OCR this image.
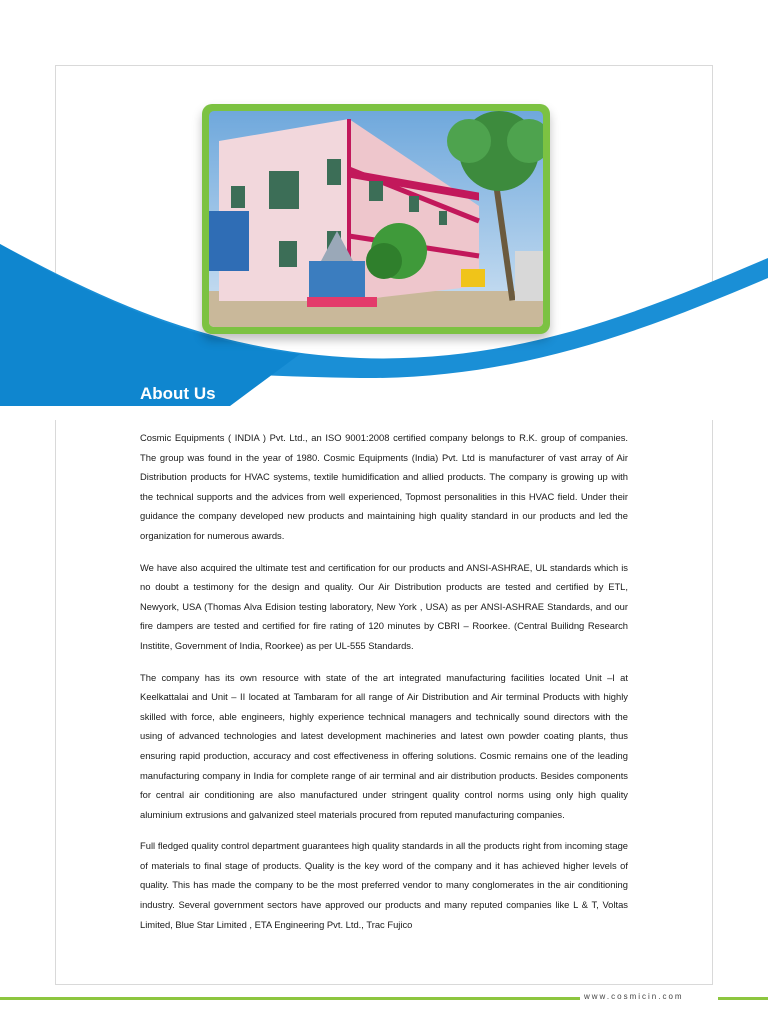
About Us

Cosmic Equipments ( INDIA ) Pvt. Ltd., an ISO 9001:2008 certified company belongs to R.K. group of companies. The group was found in the year of 1980. Cosmic Equipments (India) Pvt. Ltd is manufacturer of vast array of Air Distribution products for HVAC systems, textile humidification and allied products. The company is growing up with the technical supports and the advices from well experienced, Topmost personalities in this HVAC field. Under their guidance the company developed new products and maintaining high quality standard in our products and led the organization for numerous awards.

We have also acquired the ultimate test and certification for our products and ANSI-ASHRAE, UL standards which is no doubt a testimony for the design and quality. Our Air Distribution products are tested and certified by ETL, Newyork, USA (Thomas Alva Edision testing laboratory, New York , USA) as per ANSI-ASHRAE Standards, and our fire dampers are tested and certified for fire rating of 120 minutes by CBRI – Roorkee. (Central Builidng Research Institite, Government of India, Roorkee) as per UL-555 Standards.

The company has its own resource with state of the art integrated manufacturing facilities located Unit –I at Keelkattalai and Unit – II located at Tambaram for all range of Air Distribution and Air terminal Products with highly skilled with force, able engineers, highly experience technical managers and technically sound directors with the using of advanced technologies and latest development machineries and latest own powder coating plants, thus ensuring rapid production, accuracy and cost effectiveness in offering solutions. Cosmic remains one of the leading manufacturing company in India for complete range of air terminal and air distribution products. Besides components for central air conditioning are also manufactured under stringent quality control norms using only high quality aluminium extrusions and galvanized steel materials procured from reputed manufacturing companies.

Full fledged quality control department guarantees high quality standards in all the products right from incoming stage of materials to final stage of products. Quality is the key word of the company and it has achieved higher levels of quality. This has made the company to be the most preferred vendor to many conglomerates in the air conditioning industry. Several government sectors have approved our products and many reputed companies like L & T, Voltas Limited, Blue Star Limited , ETA Engineering Pvt. Ltd., Trac Fujico

www.cosmicin.com
